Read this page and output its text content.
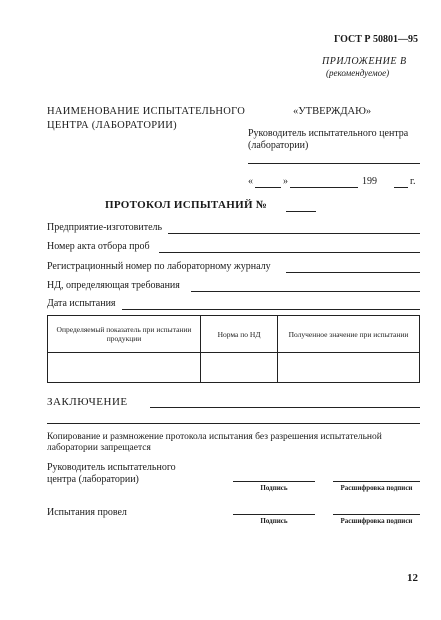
ГОСТ Р 50801—95
ПРИЛОЖЕНИЕ В
(рекомендуемое)
НАИМЕНОВАНИЕ ИСПЫТАТЕЛЬНОГО ЦЕНТРА (ЛАБОРАТОРИИ)
«УТВЕРЖДАЮ»
Руководитель испытательного центра (лаборатории)
«	»	199	г.
ПРОТОКОЛ ИСПЫТАНИЙ №
Предприятие-изготовитель
Номер акта отбора проб
Регистрационный номер по лабораторному журналу
НД, определяющая требования
Дата испытания
Определяемый показатель при испытании продукции	Норма по НД	Полученное значение при испытании

ЗАКЛЮЧЕНИЕ
Копирование и размножение протокола испытания без разрешения испытательной лаборатории запрещается
Руководитель испытательного центра (лаборатории)
Подпись	Расшифровка подписи
Испытания провел
Подпись	Расшифровка подписи
12
